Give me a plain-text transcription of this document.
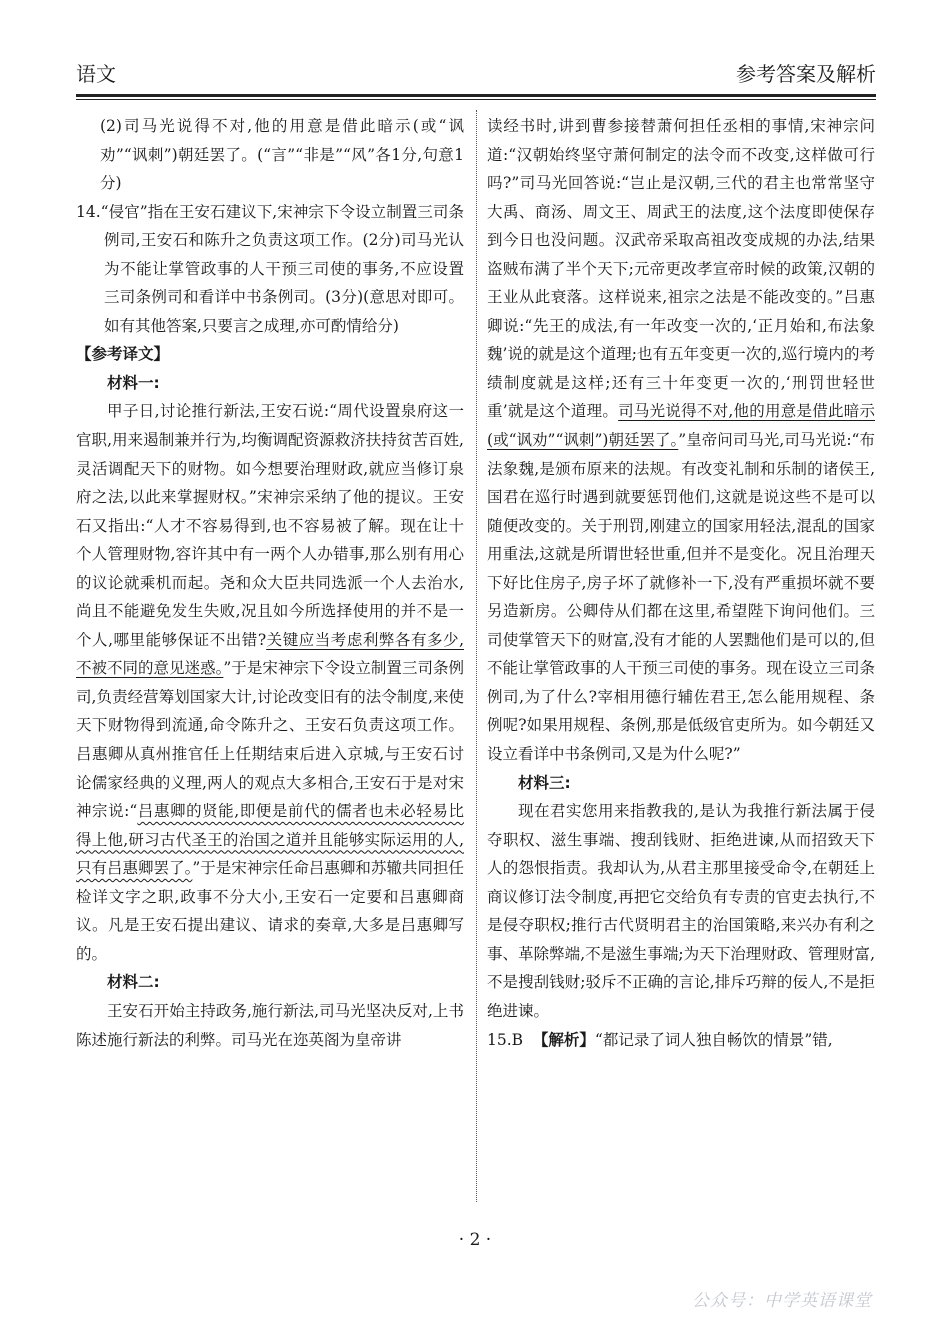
语文	参考答案及解析

(2)司马光说得不对,他的用意是借此暗示(或“讽劝”“讽刺”)朝廷罢了。(“言”“非是”“风”各1分,句意1分)

14.“侵官”指在王安石建议下,宋神宗下令设立制置三司条例司,王安石和陈升之负责这项工作。(2分)司马光认为不能让掌管政事的人干预三司使的事务,不应设置三司条例司和看详中书条例司。(3分)(意思对即可。如有其他答案,只要言之成理,亦可酌情给分)

【参考译文】

材料一:

甲子日,讨论推行新法,王安石说:“周代设置泉府这一官职,用来遏制兼并行为,均衡调配资源救济扶持贫苦百姓,灵活调配天下的财物。如今想要治理财政,就应当修订泉府之法,以此来掌握财权。”宋神宗采纳了他的提议。王安石又指出:“人才不容易得到,也不容易被了解。现在让十个人管理财物,容许其中有一两个人办错事,那么别有用心的议论就乘机而起。尧和众大臣共同选派一个人去治水,尚且不能避免发生失败,况且如今所选择使用的并不是一个人,哪里能够保证不出错?关键应当考虑利弊各有多少,不被不同的意见迷惑。”于是宋神宗下令设立制置三司条例司,负责经营筹划国家大计,讨论改变旧有的法令制度,来使天下财物得到流通,命令陈升之、王安石负责这项工作。吕惠卿从真州推官任上任期结束后进入京城,与王安石讨论儒家经典的义理,两人的观点大多相合,王安石于是对宋神宗说:“吕惠卿的贤能,即便是前代的儒者也未必轻易比得上他,研习古代圣王的治国之道并且能够实际运用的人,只有吕惠卿罢了。”于是宋神宗任命吕惠卿和苏辙共同担任检详文字之职,政事不分大小,王安石一定要和吕惠卿商议。凡是王安石提出建议、请求的奏章,大多是吕惠卿写的。

材料二:

王安石开始主持政务,施行新法,司马光坚决反对,上书陈述施行新法的利弊。司马光在迩英阁为皇帝讲

读经书时,讲到曹参接替萧何担任丞相的事情,宋神宗问道:“汉朝始终坚守萧何制定的法令而不改变,这样做可行吗?”司马光回答说:“岂止是汉朝,三代的君主也常常坚守大禹、商汤、周文王、周武王的法度,这个法度即使保存到今日也没问题。汉武帝采取高祖改变成规的办法,结果盗贼布满了半个天下;元帝更改孝宣帝时候的政策,汉朝的王业从此衰落。这样说来,祖宗之法是不能改变的。”吕惠卿说:“先王的成法,有一年改变一次的,‘正月始和,布法象魏’说的就是这个道理;也有五年变更一次的,巡行境内的考绩制度就是这样;还有三十年变更一次的,‘刑罚世轻世重’就是这个道理。司马光说得不对,他的用意是借此暗示(或“讽劝”“讽刺”)朝廷罢了。”皇帝问司马光,司马光说:“布法象魏,是颁布原来的法规。有改变礼制和乐制的诸侯王,国君在巡行时遇到就要惩罚他们,这就是说这些不是可以随便改变的。关于刑罚,刚建立的国家用轻法,混乱的国家用重法,这就是所谓世轻世重,但并不是变化。况且治理天下好比住房子,房子坏了就修补一下,没有严重损坏就不要另造新房。公卿侍从们都在这里,希望陛下询问他们。三司使掌管天下的财富,没有才能的人罢黜他们是可以的,但不能让掌管政事的人干预三司使的事务。现在设立三司条例司,为了什么?宰相用德行辅佐君王,怎么能用规程、条例呢?如果用规程、条例,那是低级官吏所为。如今朝廷又设立看详中书条例司,又是为什么呢?”

材料三:

现在君实您用来指教我的,是认为我推行新法属于侵夺职权、滋生事端、搜刮钱财、拒绝进谏,从而招致天下人的怨恨指责。我却认为,从君主那里接受命令,在朝廷上商议修订法令制度,再把它交给负有专责的官吏去执行,不是侵夺职权;推行古代贤明君主的治国策略,来兴办有利之事、革除弊端,不是滋生事端;为天下治理财政、管理财富,不是搜刮钱财;驳斥不正确的言论,排斥巧辩的佞人,不是拒绝进谏。

15.B 【解析】“都记录了词人独自畅饮的情景”错,

· 2 ·
公众号：中学英语课堂
